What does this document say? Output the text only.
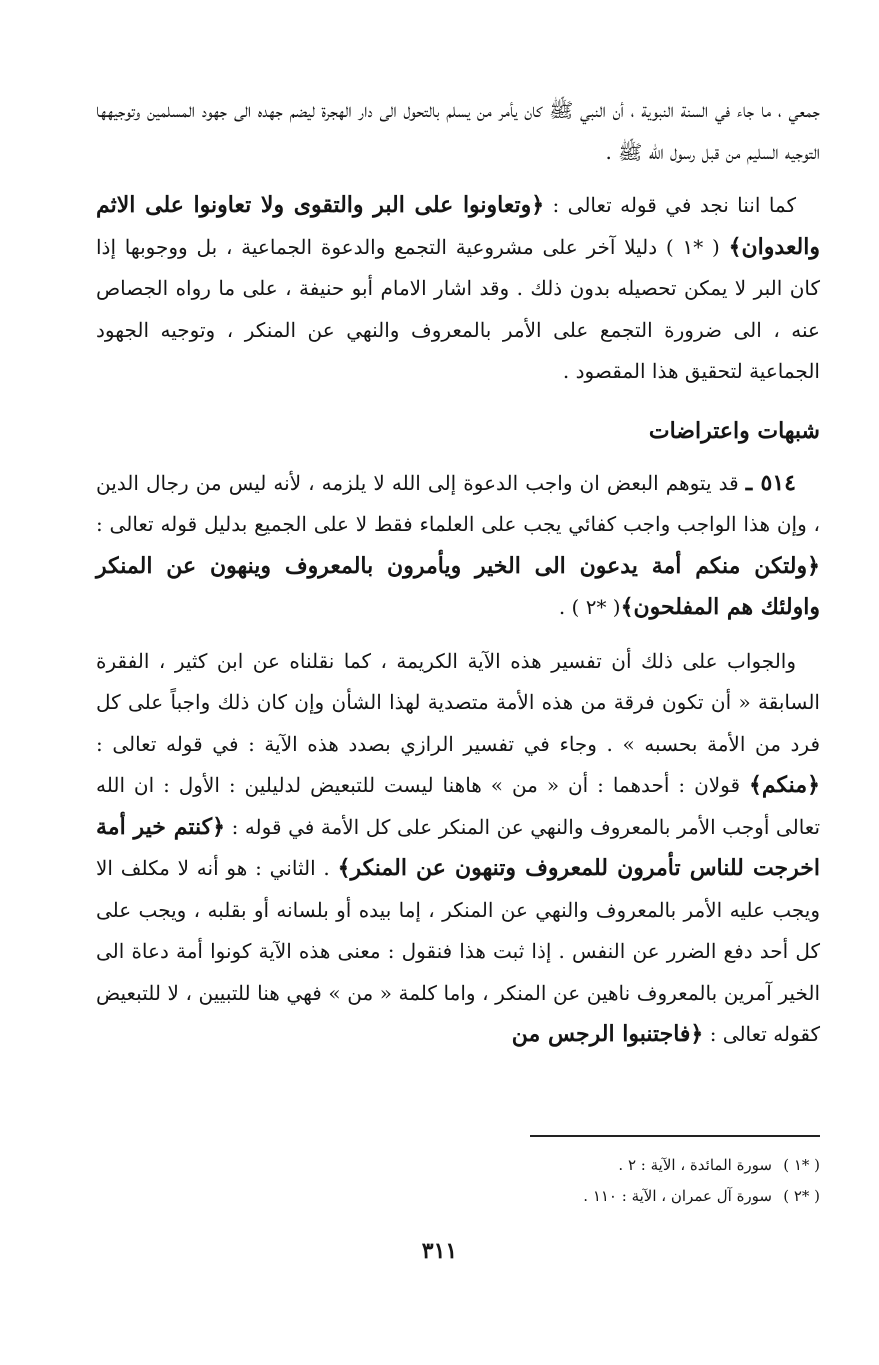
جمعي ، ما جاء في السنة النبوية ، أن النبي ﷺ كان يأمر من يسلم بالتحول الى دار الهجرة ليضم جهده الى جهود المسلمين وتوجيهها التوجيه السليم من قبل رسول الله ﷺ .

كما اننا نجد في قوله تعالى : ﴿وتعاونوا على البر والتقوى ولا تعاونوا على الاثم والعدوان﴾ ( *١ ) دليلا آخر على مشروعية التجمع والدعوة الجماعية ، بل ووجوبها إذا كان البر لا يمكن تحصيله بدون ذلك . وقد اشار الامام أبو حنيفة ، على ما رواه الجصاص عنه ، الى ضرورة التجمع على الأمر بالمعروف والنهي عن المنكر ، وتوجيه الجهود الجماعية لتحقيق هذا المقصود .

شبهات واعتراضات

٥١٤ ـ قد يتوهم البعض ان واجب الدعوة إلى الله لا يلزمه ، لأنه ليس من رجال الدين ، وإن هذا الواجب واجب كفائي يجب على العلماء فقط لا على الجميع بدليل قوله تعالى : ﴿ولتكن منكم أمة يدعون الى الخير ويأمرون بالمعروف وينهون عن المنكر واولئك هم المفلحون﴾( *٢ ) .

والجواب على ذلك أن تفسير هذه الآية الكريمة ، كما نقلناه عن ابن كثير ، الفقرة السابقة « أن تكون فرقة من هذه الأمة متصدية لهذا الشأن وإن كان ذلك واجباً على كل فرد من الأمة بحسبه » . وجاء في تفسير الرازي بصدد هذه الآية : في قوله تعالى : ﴿منكم﴾ قولان : أحدهما : أن « من » هاهنا ليست للتبعيض لدليلين : الأول : ان الله تعالى أوجب الأمر بالمعروف والنهي عن المنكر على كل الأمة في قوله : ﴿كنتم خير أمة اخرجت للناس تأمرون للمعروف وتنهون عن المنكر﴾ . الثاني : هو أنه لا مكلف الا ويجب عليه الأمر بالمعروف والنهي عن المنكر ، إما بيده أو بلسانه أو بقلبه ، ويجب على كل أحد دفع الضرر عن النفس . إذا ثبت هذا فنقول : معنى هذه الآية كونوا أمة دعاة الى الخير آمرين بالمعروف ناهين عن المنكر ، واما كلمة « من » فهي هنا للتبيين ، لا للتبعيض كقوله تعالى : ﴿فاجتنبوا الرجس من

( *١ )سورة المائدة ، الآية : ٢ .
( *٢ )سورة آل عمران ، الآية : ١١٠ .
٣١١
